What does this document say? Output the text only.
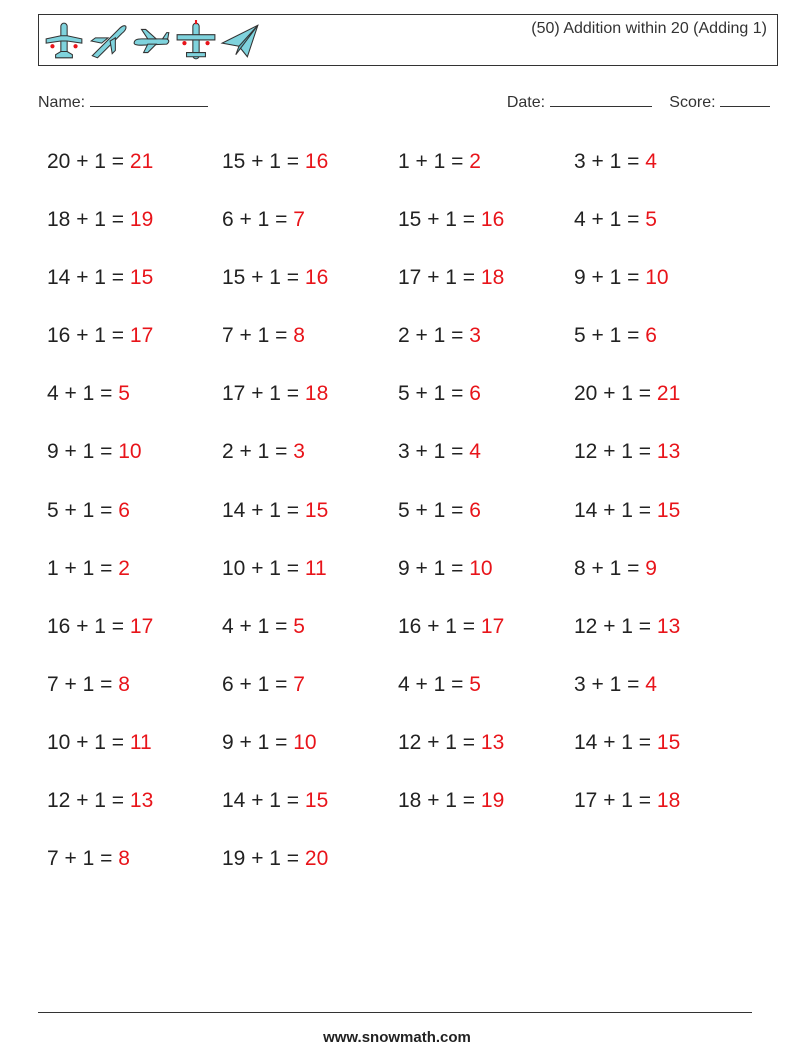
(50) Addition within 20 (Adding 1)
Name:	Date:	Score:
20 + 1 = 21	15 + 1 = 16	1 + 1 = 2	3 + 1 = 4
18 + 1 = 19	6 + 1 = 7	15 + 1 = 16	4 + 1 = 5
14 + 1 = 15	15 + 1 = 16	17 + 1 = 18	9 + 1 = 10
16 + 1 = 17	7 + 1 = 8	2 + 1 = 3	5 + 1 = 6
4 + 1 = 5	17 + 1 = 18	5 + 1 = 6	20 + 1 = 21
9 + 1 = 10	2 + 1 = 3	3 + 1 = 4	12 + 1 = 13
5 + 1 = 6	14 + 1 = 15	5 + 1 = 6	14 + 1 = 15
1 + 1 = 2	10 + 1 = 11	9 + 1 = 10	8 + 1 = 9
16 + 1 = 17	4 + 1 = 5	16 + 1 = 17	12 + 1 = 13
7 + 1 = 8	6 + 1 = 7	4 + 1 = 5	3 + 1 = 4
10 + 1 = 11	9 + 1 = 10	12 + 1 = 13	14 + 1 = 15
12 + 1 = 13	14 + 1 = 15	18 + 1 = 19	17 + 1 = 18
7 + 1 = 8	19 + 1 = 20
www.snowmath.com
